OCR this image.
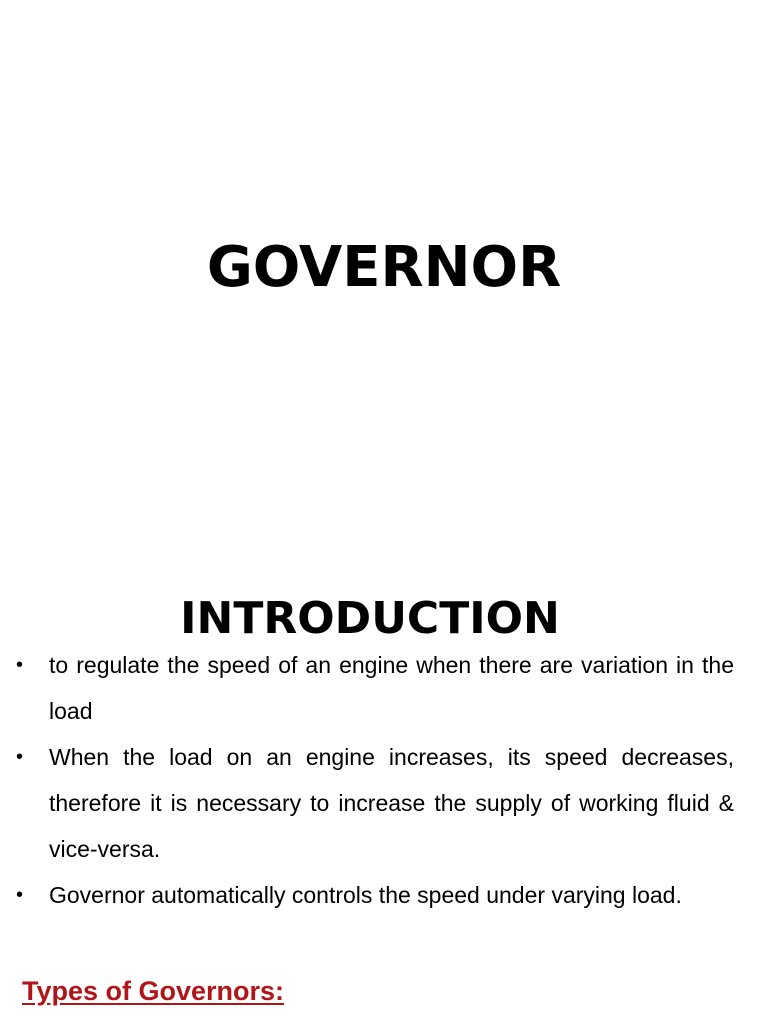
GOVERNOR
INTRODUCTION
•	to regulate the speed of an engine when there are variation in the load
•	When the load on an engine increases, its speed decreases, therefore it is necessary to increase the supply of working fluid & vice-versa.
•	Governor automatically controls the speed under varying load.
Types of Governors:
